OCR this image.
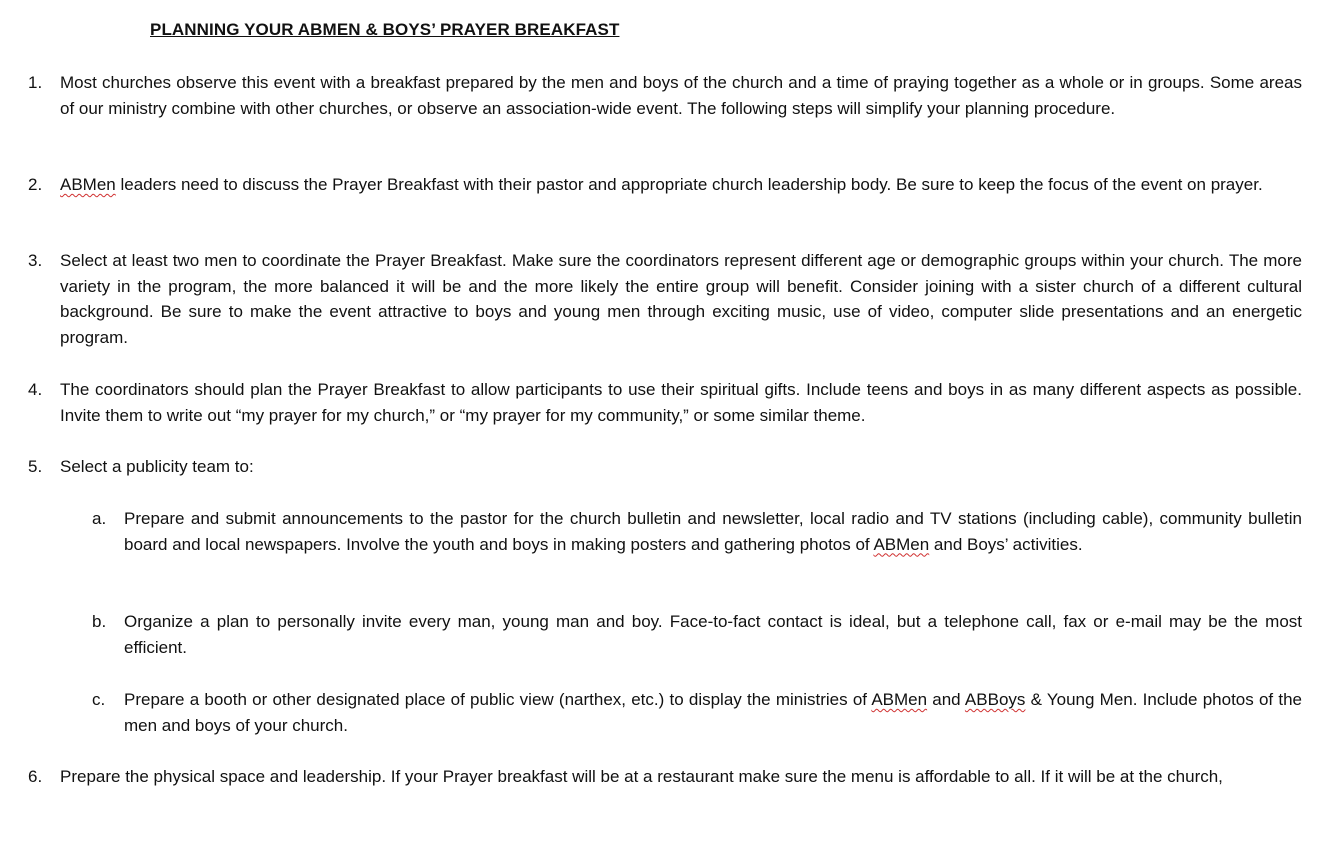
PLANNING YOUR ABMEN & BOYS’ PRAYER BREAKFAST
1.	Most churches observe this event with a breakfast prepared by the men and boys of the church and a time of praying together as a whole or in groups. Some areas of our ministry combine with other churches, or observe an association-wide event. The following steps will simplify your planning procedure.
2.	ABMen leaders need to discuss the Prayer Breakfast with their pastor and appropriate church leadership body. Be sure to keep the focus of the event on prayer.
3.	Select at least two men to coordinate the Prayer Breakfast. Make sure the coordinators represent different age or demographic groups within your church. The more variety in the program, the more balanced it will be and the more likely the entire group will benefit. Consider joining with a sister church of a different cultural background. Be sure to make the event attractive to boys and young men through exciting music, use of video, computer slide presentations and an energetic program.
4.	The coordinators should plan the Prayer Breakfast to allow participants to use their spiritual gifts. Include teens and boys in as many different aspects as possible. Invite them to write out “my prayer for my church,” or “my prayer for my community,” or some similar theme.
5.	Select a publicity team to:
a.	Prepare and submit announcements to the pastor for the church bulletin and newsletter, local radio and TV stations (including cable), community bulletin board and local newspapers. Involve the youth and boys in making posters and gathering photos of ABMen and Boys’ activities.
b.	Organize a plan to personally invite every man, young man and boy. Face-to-fact contact is ideal, but a telephone call, fax or e-mail may be the most efficient.
c.	Prepare a booth or other designated place of public view (narthex, etc.) to display the ministries of ABMen and ABBoys & Young Men. Include photos of the men and boys of your church.
6.	Prepare the physical space and leadership. If your Prayer breakfast will be at a restaurant make sure the menu is affordable to all. If it will be at the church,
